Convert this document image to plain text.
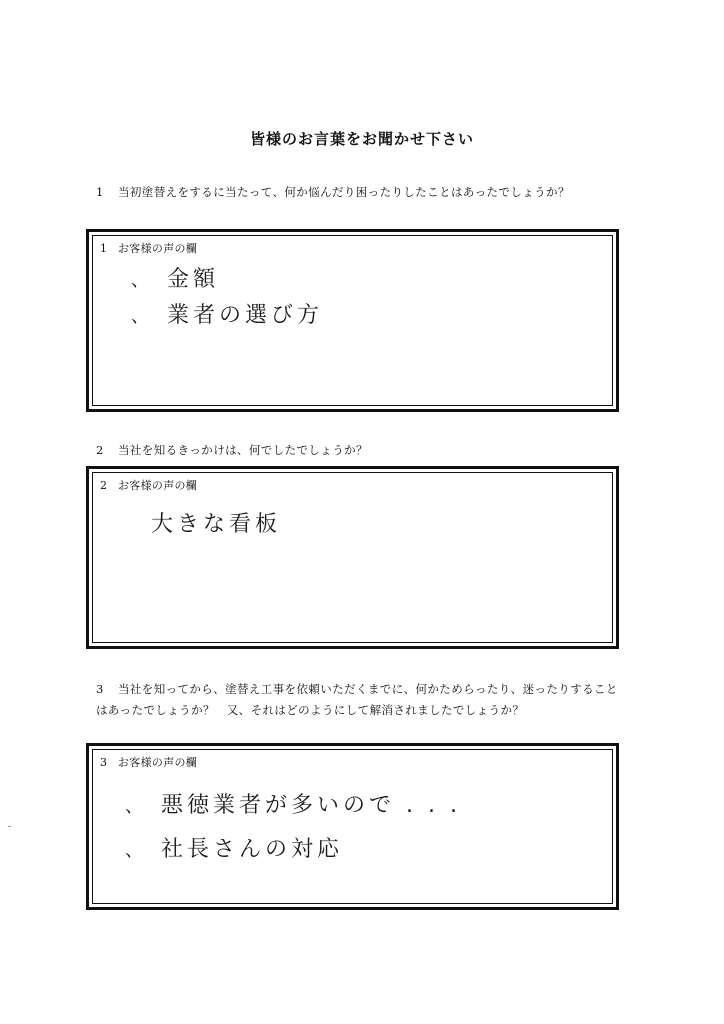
皆様のお言葉をお聞かせ下さい
1 当初塗替えをするに当たって、何か悩んだり困ったりしたことはあったでしょうか？
1 お客様の声の欄
、 金額
、 業者の選び方
2 当社を知るきっかけは、何でしたでしょうか？
2 お客様の声の欄
大きな看板
3 当社を知ってから、塗替え工事を依頼いただくまでに、何かためらったり、迷ったりすることはあったでしょうか？　又、それはどのようにして解消されましたでしょうか？
3 お客様の声の欄
、 悪徳業者が多いので . . .
、 社長さんの対応
